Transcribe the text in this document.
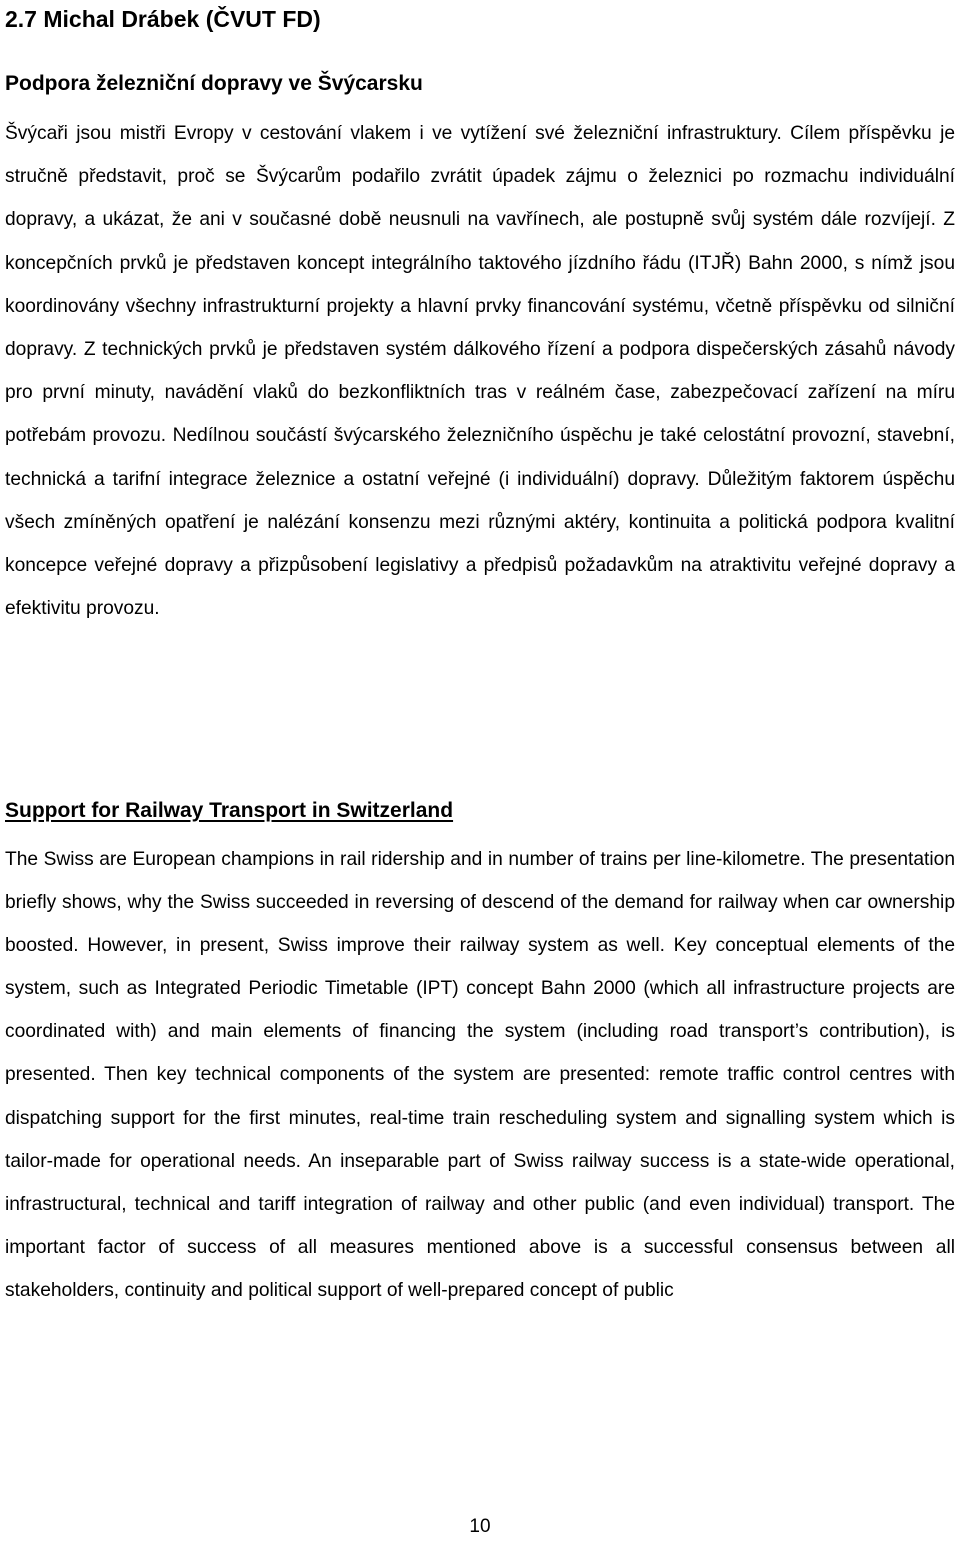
2.7 Michal Drábek (ČVUT FD)
Podpora železniční dopravy ve Švýcarsku
Švýcaři jsou mistři Evropy v cestování vlakem i ve vytížení své železniční infrastruktury. Cílem příspěvku je stručně představit, proč se Švýcarům podařilo zvrátit úpadek zájmu o železnici po rozmachu individuální dopravy, a ukázat, že ani v současné době neusnuli na vavřínech, ale postupně svůj systém dále rozvíjejí. Z koncepčních prvků je představen koncept integrálního taktového jízdního řádu (ITJŘ) Bahn 2000, s nímž jsou koordinovány všechny infrastrukturní projekty a hlavní prvky financování systému, včetně příspěvku od silniční dopravy. Z technických prvků je představen systém dálkového řízení a podpora dispečerských zásahů návody pro první minuty, navádění vlaků do bezkonfliktních tras v reálném čase, zabezpečovací zařízení na míru potřebám provozu. Nedílnou součástí švýcarského železničního úspěchu je také celostátní provozní, stavební, technická a tarifní integrace železnice a ostatní veřejné (i individuální) dopravy. Důležitým faktorem úspěchu všech zmíněných opatření je nalézání konsenzu mezi různými aktéry, kontinuita a politická podpora kvalitní koncepce veřejné dopravy a přizpůsobení legislativy a předpisů požadavkům na atraktivitu veřejné dopravy a efektivitu provozu.
Support for Railway Transport in Switzerland
The Swiss are European champions in rail ridership and in number of trains per line-kilometre. The presentation briefly shows, why the Swiss succeeded in reversing of descend of the demand for railway when car ownership boosted. However, in present, Swiss improve their railway system as well. Key conceptual elements of the system, such as Integrated Periodic Timetable (IPT) concept Bahn 2000 (which all infrastructure projects are coordinated with) and main elements of financing the system (including road transport’s contribution), is presented. Then key technical components of the system are presented: remote traffic control centres with dispatching support for the first minutes, real-time train rescheduling system and signalling system which is tailor-made for operational needs. An inseparable part of Swiss railway success is a state-wide operational, infrastructural, technical and tariff integration of railway and other public (and even individual) transport. The important factor of success of all measures mentioned above is a successful consensus between all stakeholders, continuity and political support of well-prepared concept of public
10
